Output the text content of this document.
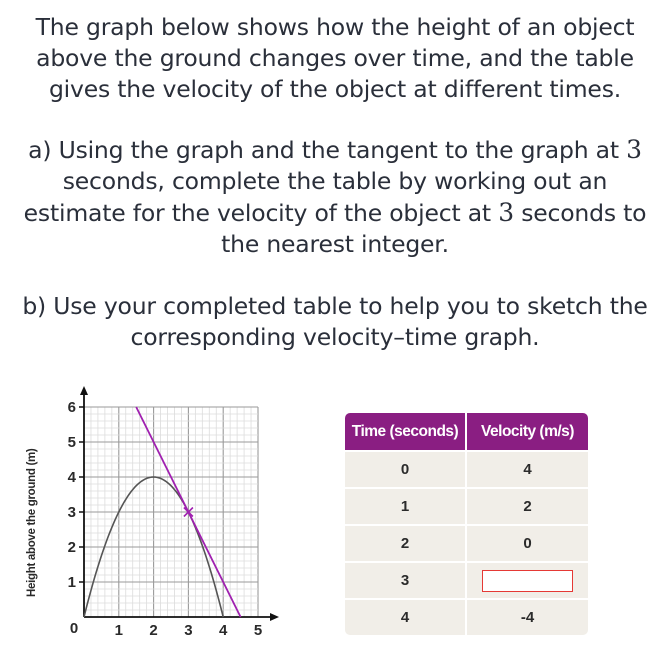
The graph below shows how the height of an object
above the ground changes over time, and the table
gives the velocity of the object at different times.
a) Using the graph and the tangent to the graph at 3
seconds, complete the table by working out an
estimate for the velocity of the object at 3 seconds to
the nearest integer.
b) Use your completed table to help you to sketch the
corresponding velocity–time graph.
Height above the ground (m) 1
2
3
4
5
6
1 2 3 4 5
0
Time (seconds)	Velocity (m/s)
0	4
1	2
2	0
3	
4	-4
